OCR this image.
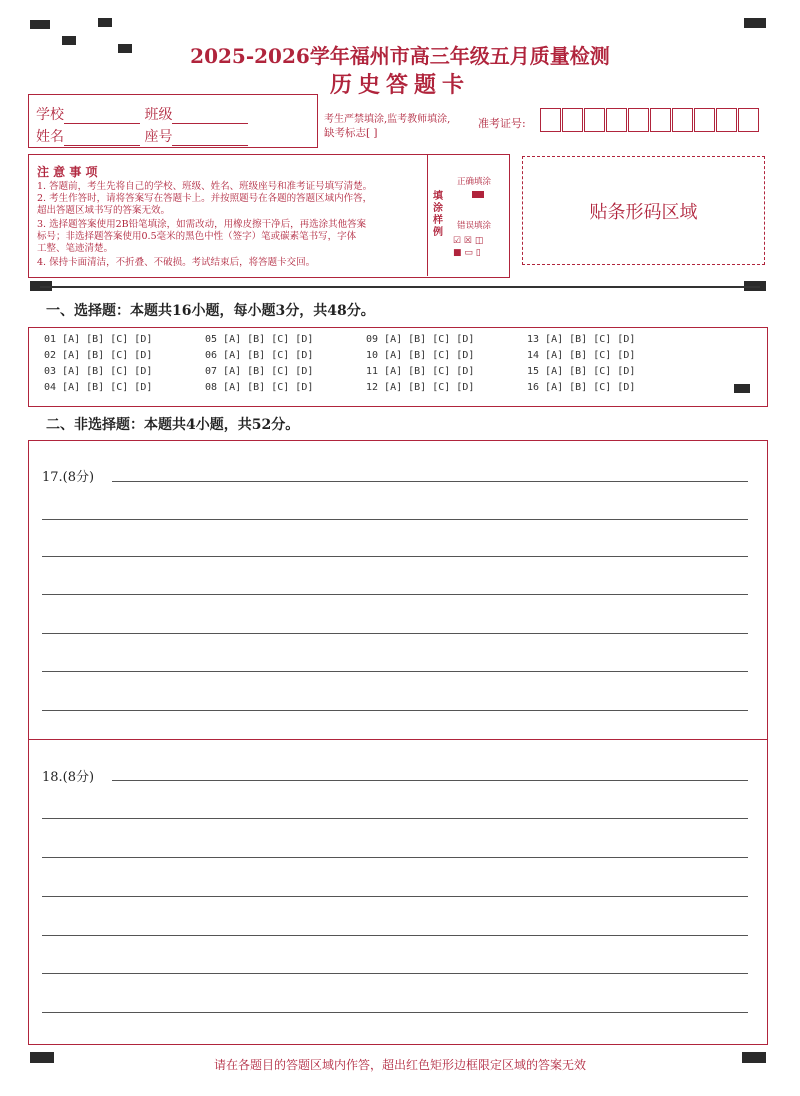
2025-2026学年福州市高三年级五月质量检测
历史答题卡
学校	班级
姓名	座号
考生严禁填涂,监考教师填涂,
缺考标志[ ]
准考证号:
注 意 事 项
1. 答题前，考生先将自己的学校、班级、姓名、班级座号和准考证号填写清楚。
2. 考生作答时，请将答案写在答题卡上。并按照题号在各题的答题区域内作答，
超出答题区域书写的答案无效。
3. 选择题答案使用2B铅笔填涂，如需改动，用橡皮擦干净后，再选涂其他答案
标号；非选择题答案使用0.5毫米的黑色中性（签字）笔或碳素笔书写，字体
工整、笔迹清楚。
4. 保持卡面清洁，不折叠、不破损。考试结束后，将答题卡交回。
填涂样例
正确填涂
错误填涂
☑ ☒ ◫
■ ▭ ▯
贴条形码区域
一、选择题：本题共16小题，每小题3分，共48分。
01 [A] [B] [C] [D]
02 [A] [B] [C] [D]
03 [A] [B] [C] [D]
04 [A] [B] [C] [D]
05 [A] [B] [C] [D]
06 [A] [B] [C] [D]
07 [A] [B] [C] [D]
08 [A] [B] [C] [D]
09 [A] [B] [C] [D]
10 [A] [B] [C] [D]
11 [A] [B] [C] [D]
12 [A] [B] [C] [D]
13 [A] [B] [C] [D]
14 [A] [B] [C] [D]
15 [A] [B] [C] [D]
16 [A] [B] [C] [D]
二、非选择题：本题共4小题，共52分。
17.(8分)
18.(8分)
请在各题目的答题区域内作答，超出红色矩形边框限定区域的答案无效
